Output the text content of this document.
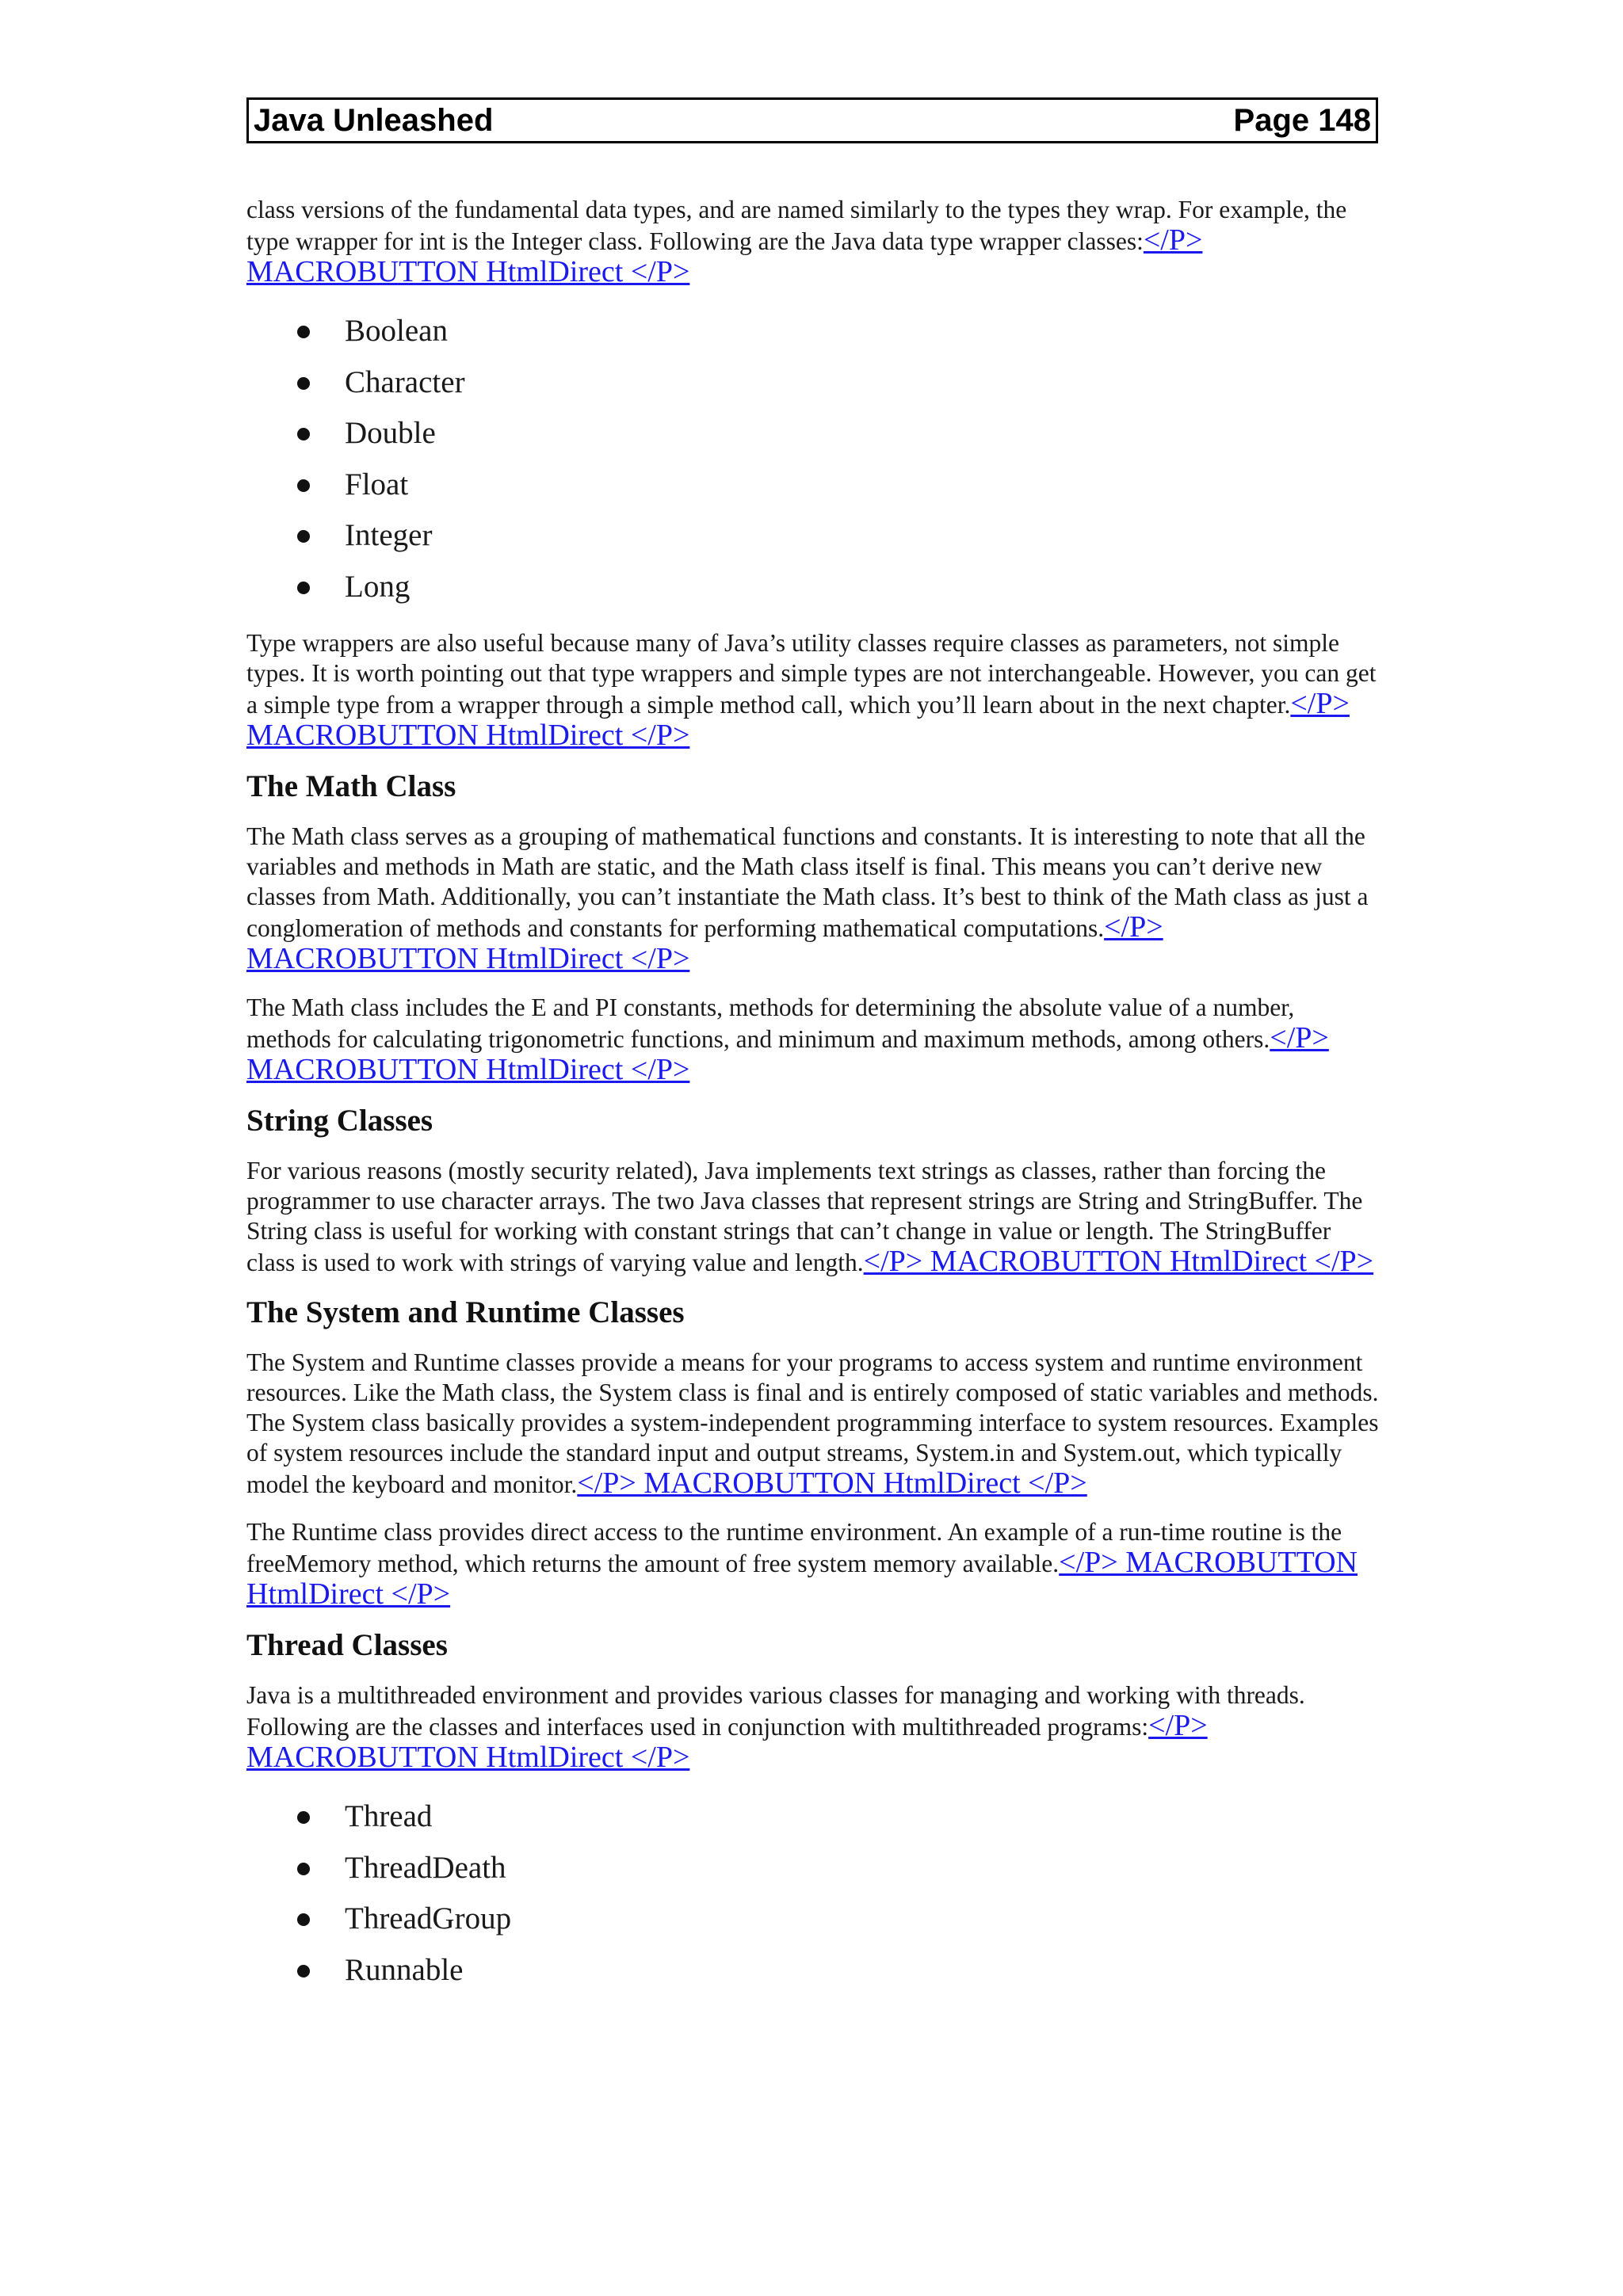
Java Unleashed	Page 148

class versions of the fundamental data types, and are named similarly to the types they wrap. For example, the type wrapper for int is the Integer class. Following are the Java data type wrapper classes:</P> MACROBUTTON HtmlDirect </P>

Boolean
Character
Double
Float
Integer
Long

Type wrappers are also useful because many of Java’s utility classes require classes as parameters, not simple types. It is worth pointing out that type wrappers and simple types are not interchangeable. However, you can get a simple type from a wrapper through a simple method call, which you’ll learn about in the next chapter.</P> MACROBUTTON HtmlDirect </P>

The Math Class

The Math class serves as a grouping of mathematical functions and constants. It is interesting to note that all the variables and methods in Math are static, and the Math class itself is final. This means you can’t derive new classes from Math. Additionally, you can’t instantiate the Math class. It’s best to think of the Math class as just a conglomeration of methods and constants for performing mathematical computations.</P> MACROBUTTON HtmlDirect </P>

The Math class includes the E and PI constants, methods for determining the absolute value of a number, methods for calculating trigonometric functions, and minimum and maximum methods, among others.</P> MACROBUTTON HtmlDirect </P>

String Classes

For various reasons (mostly security related), Java implements text strings as classes, rather than forcing the programmer to use character arrays. The two Java classes that represent strings are String and StringBuffer. The String class is useful for working with constant strings that can’t change in value or length. The StringBuffer class is used to work with strings of varying value and length.</P> MACROBUTTON HtmlDirect </P>

The System and Runtime Classes

The System and Runtime classes provide a means for your programs to access system and runtime environment resources. Like the Math class, the System class is final and is entirely composed of static variables and methods. The System class basically provides a system-independent programming interface to system resources. Examples of system resources include the standard input and output streams, System.in and System.out, which typically model the keyboard and monitor.</P> MACROBUTTON HtmlDirect </P>

The Runtime class provides direct access to the runtime environment. An example of a run-time routine is the freeMemory method, which returns the amount of free system memory available.</P> MACROBUTTON HtmlDirect </P>

Thread Classes

Java is a multithreaded environment and provides various classes for managing and working with threads. Following are the classes and interfaces used in conjunction with multithreaded programs:</P> MACROBUTTON HtmlDirect </P>

Thread
ThreadDeath
ThreadGroup
Runnable
